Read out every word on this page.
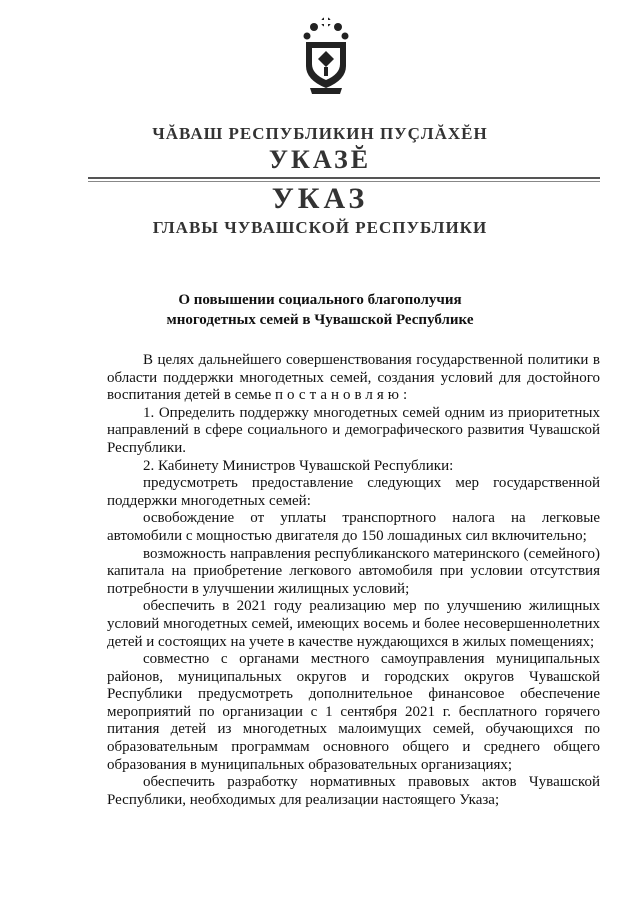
ЧĂВАШ РЕСПУБЛИКИН ПУÇЛĂХĔН
УКАЗĔ
УКАЗ
ГЛАВЫ ЧУВАШСКОЙ РЕСПУБЛИКИ
О повышении социального благополучия
многодетных семей в Чувашской Республике

В целях дальнейшего совершенствования государственной политики в области поддержки многодетных семей, создания условий для достойного воспитания детей в семье постановляю:

1. Определить поддержку многодетных семей одним из приоритетных направлений в сфере социального и демографического развития Чувашской Республики.

2. Кабинету Министров Чувашской Республики:

предусмотреть предоставление следующих мер государственной поддержки многодетных семей:

освобождение от уплаты транспортного налога на легковые автомобили с мощностью двигателя до 150 лошадиных сил включительно;

возможность направления республиканского материнского (семейного) капитала на приобретение легкового автомобиля при условии отсутствия потребности в улучшении жилищных условий;

обеспечить в 2021 году реализацию мер по улучшению жилищных условий многодетных семей, имеющих восемь и более несовершеннолетних детей и состоящих на учете в качестве нуждающихся в жилых помещениях;

совместно с органами местного самоуправления муниципальных районов, муниципальных округов и городских округов Чувашской Республики предусмотреть дополнительное финансовое обеспечение мероприятий по организации с 1 сентября 2021 г. бесплатного горячего питания детей из многодетных малоимущих семей, обучающихся по образовательным программам основного общего и среднего общего образования в муниципальных образовательных организациях;

обеспечить разработку нормативных правовых актов Чувашской Республики, необходимых для реализации настоящего Указа;
